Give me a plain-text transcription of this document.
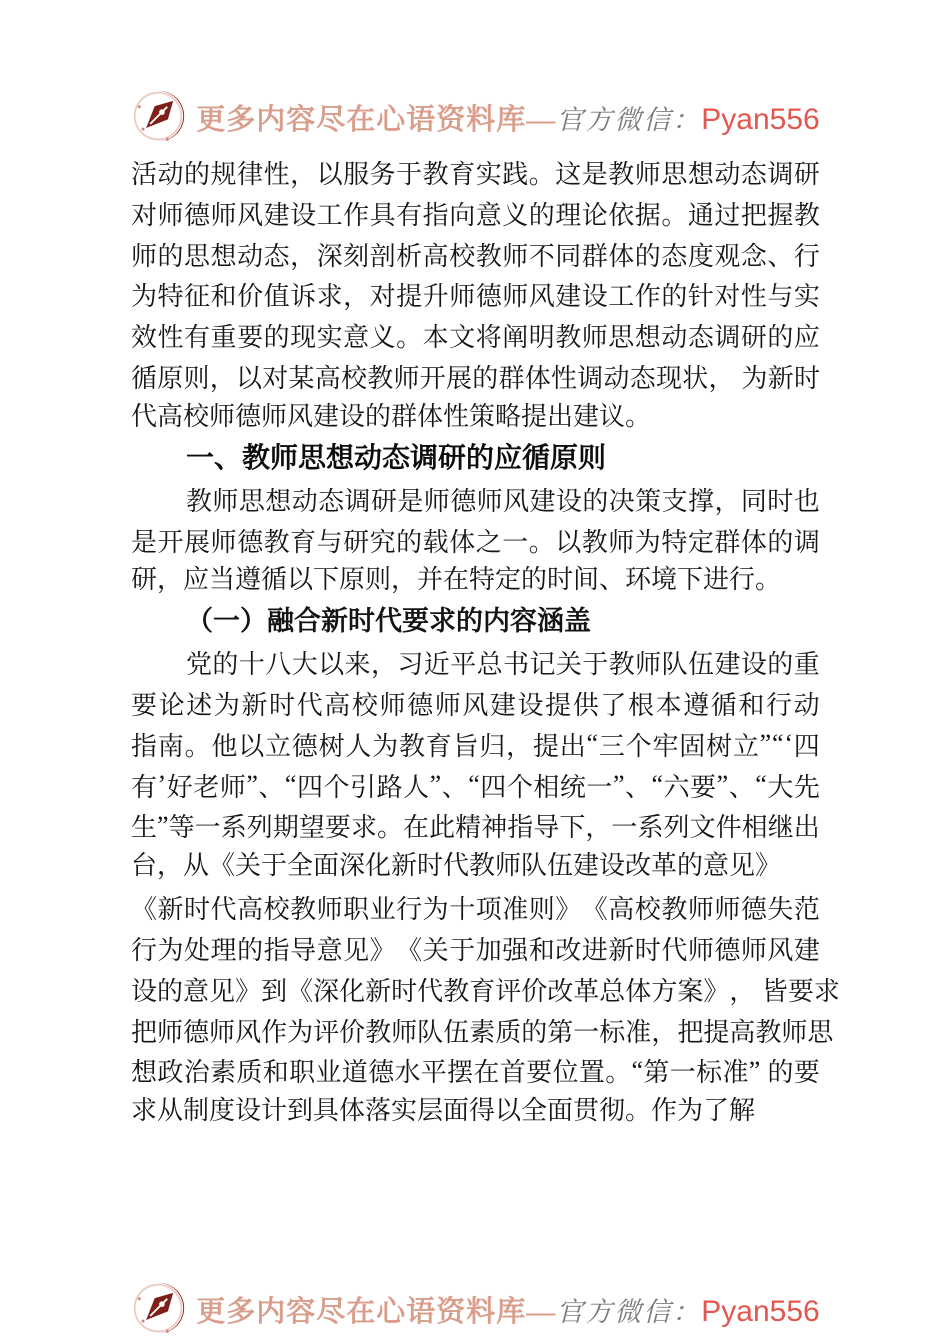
更多内容尽在心语资料库—官方微信：Pyan556
活 动 的 规 律 性 ， 以 服 务 于 教 育 实 践 。 这 是 教 师 思 想 动 态 调 研
对 师 德 师 风 建 设 工 作 具 有 指 向 意 义 的 理 论 依 据 。 通 过 把 握 教
师 的 思 想 动 态 ， 深 刻 剖 析 高 校 教 师 不 同 群 体 的 态 度 观 念 、 行
为 特 征 和 价 值 诉 求 ， 对 提 升 师 德 师 风 建 设 工 作 的 针 对 性 与 实
效 性 有 重 要 的 现 实 意 义 。 本 文 将 阐 明 教 师 思 想 动 态 调 研 的 应
循 原 则 ， 以 对 某 高 校 教 师 开 展 的 群 体 性 调 动 态 现 状 ，
为 新 时
代高校师德师风建设的群体性策略提出建议。
一、教师思想动态调研的应循原则
教 师 思 想 动 态 调 研 是 师 德 师 风 建 设 的 决 策 支 撑 ， 同 时 也
是 开 展 师 德 教 育 与 研 究 的 载 体 之 一 。 以 教 师 为 特 定 群 体 的 调
研，应当遵循以下原则，并在特定的时间、环境下进行。
（一）融合新时代要求的内容涵盖
党 的 十 八 大 以 来 ， 习 近 平 总 书 记 关 于 教 师 队 伍 建 设 的 重
要 论 述 为 新 时 代 高 校 师 德 师 风 建 设 提 供 了 根 本 遵 循 和 行 动
指 南 。 他 以 立 德 树 人 为 教 育 旨 归 ， 提 出 “ 三 个 牢 固 树 立 ” “ ‘ 四
有 ’ 好 老 师 ” 、 “ 四 个 引 路 人 ” 、 “ 四 个 相 统 一 ” 、 “ 六 要 ” 、 “ 大 先
生 ” 等 一 系 列 期 望 要 求 。 在 此 精 神 指 导 下 ， 一 系 列 文 件 相 继 出
台，从《关于全面深化新时代教师队伍建设改革的意见》
《 新 时 代 高 校 教 师 职 业 行 为 十 项 准 则 》 《 高 校 教 师 师 德 失 范
行 为 处 理 的 指 导 意 见 》 《 关 于 加 强 和 改 进 新 时 代 师 德 师 风 建
设 的 意 见 》 到 《 深 化 新 时 代 教 育 评 价 改 革 总 体 方 案 》 ，
皆 要 求
把 师 德 师 风 作 为 评 价 教 师 队 伍 素 质 的 第 一 标 准 ， 把 提 高 教 师 思
想 政 治 素 质 和 职 业 道 德 水 平 摆 在 首 要 位 置 。 “ 第 一 标 准 ”
的 要
求从制度设计到具体落实层面得以全面贯彻。作为了解
更多内容尽在心语资料库—官方微信：Pyan556
